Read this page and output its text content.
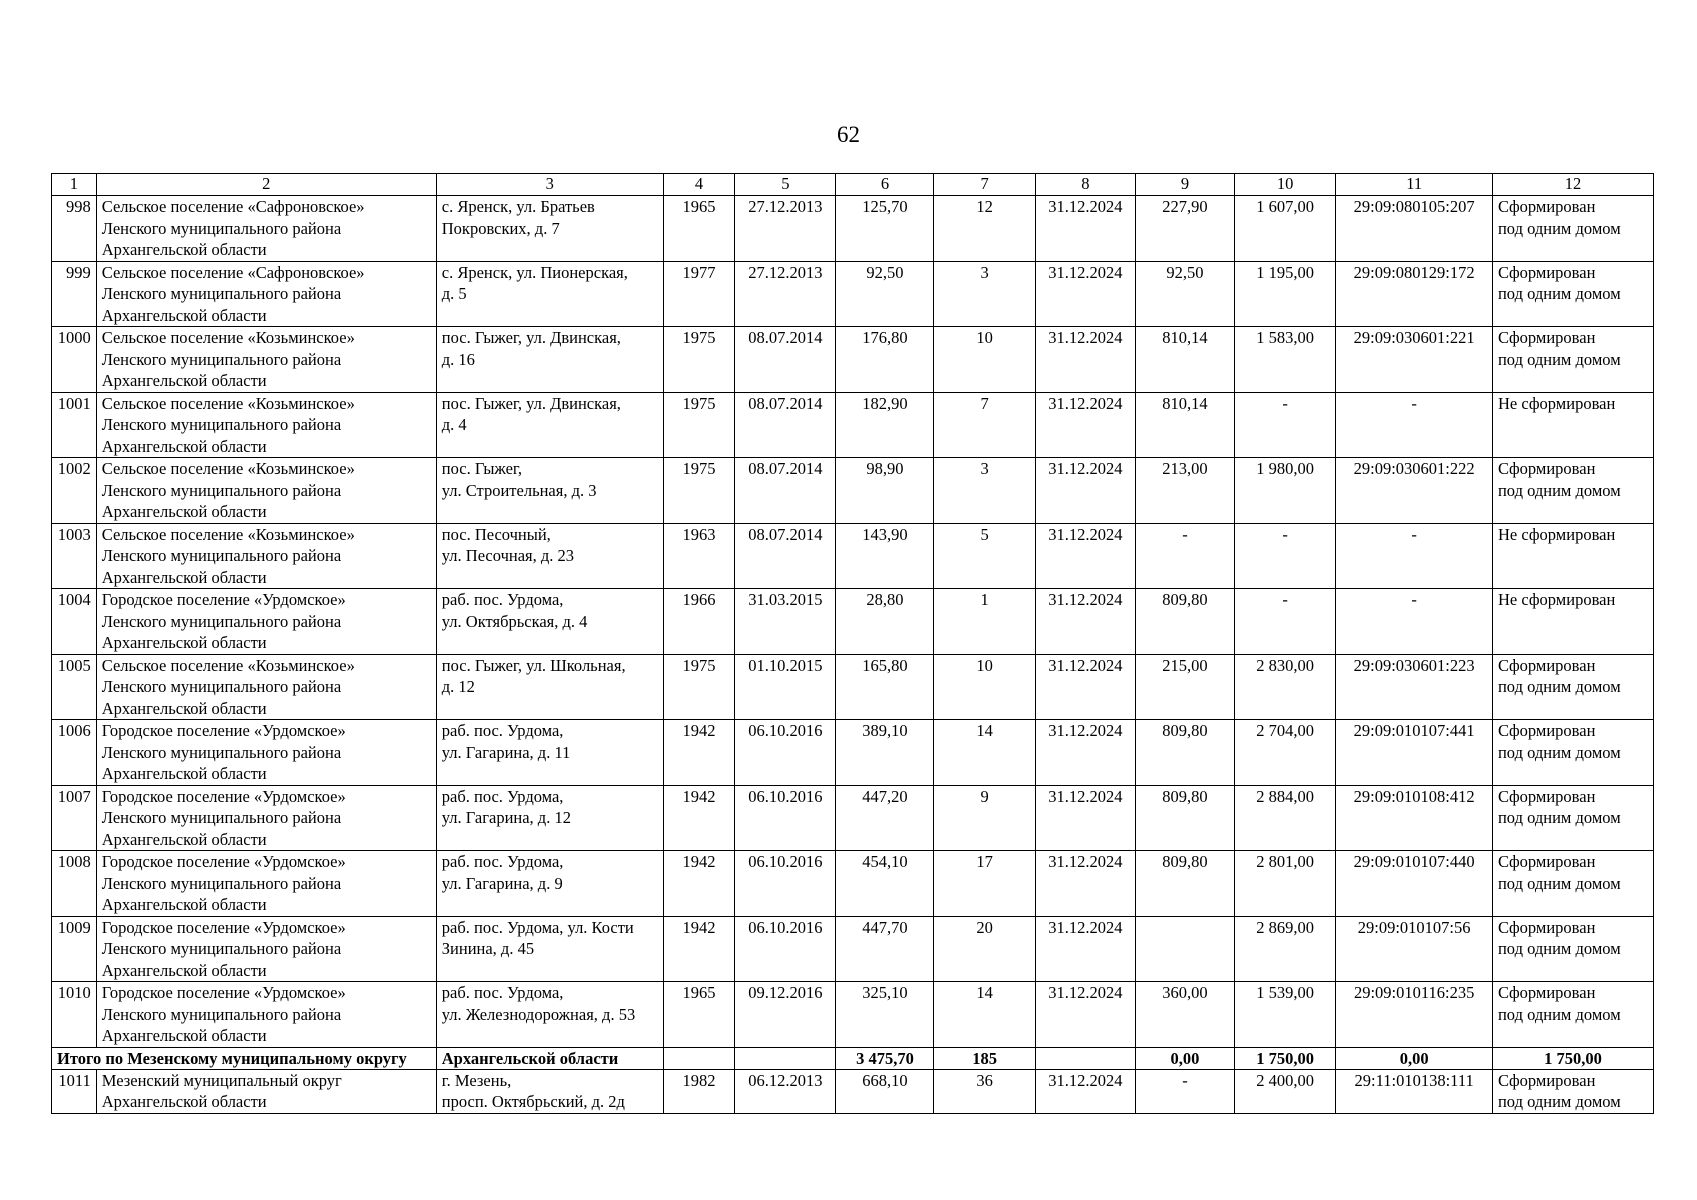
62
1	2	3	4	5	6	7	8	9	10	11	12
998	Сельское поселение «Сафроновское»
Ленского муниципального района
Архангельской области	с. Яренск, ул. Братьев
Покровских, д. 7	1965	27.12.2013	125,70	12	31.12.2024	227,90	1 607,00	29:09:080105:207	Сформирован
под одним домом
999	Сельское поселение «Сафроновское»
Ленского муниципального района
Архангельской области	с. Яренск, ул. Пионерская,
д. 5	1977	27.12.2013	92,50	3	31.12.2024	92,50	1 195,00	29:09:080129:172	Сформирован
под одним домом
1000	Сельское поселение «Козьминское»
Ленского муниципального района
Архангельской области	пос. Гыжег, ул. Двинская,
д. 16	1975	08.07.2014	176,80	10	31.12.2024	810,14	1 583,00	29:09:030601:221	Сформирован
под одним домом
1001	Сельское поселение «Козьминское»
Ленского муниципального района
Архангельской области	пос. Гыжег, ул. Двинская,
д. 4	1975	08.07.2014	182,90	7	31.12.2024	810,14	-	-	Не сформирован
1002	Сельское поселение «Козьминское»
Ленского муниципального района
Архангельской области	пос. Гыжег,
ул. Строительная, д. 3	1975	08.07.2014	98,90	3	31.12.2024	213,00	1 980,00	29:09:030601:222	Сформирован
под одним домом
1003	Сельское поселение «Козьминское»
Ленского муниципального района
Архангельской области	пос. Песочный,
ул. Песочная, д. 23	1963	08.07.2014	143,90	5	31.12.2024	-	-	-	Не сформирован
1004	Городское поселение «Урдомское»
Ленского муниципального района
Архангельской области	раб. пос. Урдома,
ул. Октябрьская, д. 4	1966	31.03.2015	28,80	1	31.12.2024	809,80	-	-	Не сформирован
1005	Сельское поселение «Козьминское»
Ленского муниципального района
Архангельской области	пос. Гыжег, ул. Школьная,
д. 12	1975	01.10.2015	165,80	10	31.12.2024	215,00	2 830,00	29:09:030601:223	Сформирован
под одним домом
1006	Городское поселение «Урдомское»
Ленского муниципального района
Архангельской области	раб. пос. Урдома,
ул. Гагарина, д. 11	1942	06.10.2016	389,10	14	31.12.2024	809,80	2 704,00	29:09:010107:441	Сформирован
под одним домом
1007	Городское поселение «Урдомское»
Ленского муниципального района
Архангельской области	раб. пос. Урдома,
ул. Гагарина, д. 12	1942	06.10.2016	447,20	9	31.12.2024	809,80	2 884,00	29:09:010108:412	Сформирован
под одним домом
1008	Городское поселение «Урдомское»
Ленского муниципального района
Архангельской области	раб. пос. Урдома,
ул. Гагарина, д. 9	1942	06.10.2016	454,10	17	31.12.2024	809,80	2 801,00	29:09:010107:440	Сформирован
под одним домом
1009	Городское поселение «Урдомское»
Ленского муниципального района
Архангельской области	раб. пос. Урдома, ул. Кости
Зинина, д. 45	1942	06.10.2016	447,70	20	31.12.2024		2 869,00	29:09:010107:56	Сформирован
под одним домом
1010	Городское поселение «Урдомское»
Ленского муниципального района
Архангельской области	раб. пос. Урдома,
ул. Железнодорожная, д. 53	1965	09.12.2016	325,10	14	31.12.2024	360,00	1 539,00	29:09:010116:235	Сформирован
под одним домом
Итого по Мезенскому муниципальному округу		Архангельской области			3 475,70	185		0,00	1 750,00	0,00	1 750,00
1011	Мезенский муниципальный округ
Архангельской области	г. Мезень,
просп. Октябрьский, д. 2д	1982	06.12.2013	668,10	36	31.12.2024	-	2 400,00	29:11:010138:111	Сформирован
под одним домом
